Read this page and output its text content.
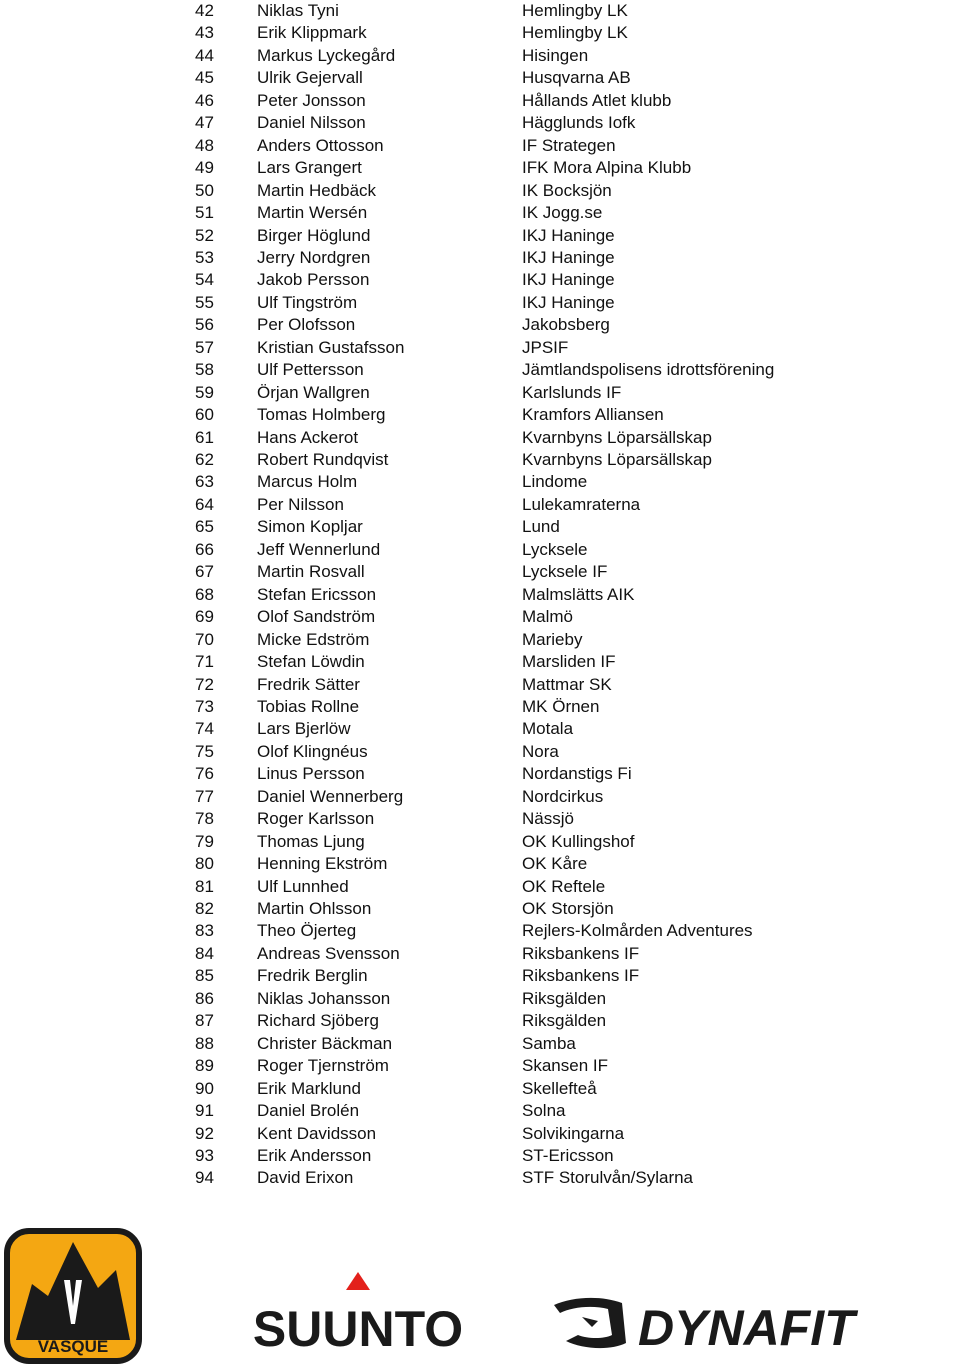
42	Niklas Tyni	Hemlingby LK
43	Erik Klippmark	Hemlingby LK
44	Markus Lyckegård	Hisingen
45	Ulrik Gejervall	Husqvarna AB
46	Peter Jonsson	Hållands Atlet klubb
47	Daniel Nilsson	Hägglunds Iofk
48	Anders Ottosson	IF Strategen
49	Lars Grangert	IFK Mora Alpina Klubb
50	Martin Hedbäck	IK Bocksjön
51	Martin Wersén	IK Jogg.se
52	Birger Höglund	IKJ Haninge
53	Jerry Nordgren	IKJ Haninge
54	Jakob Persson	IKJ Haninge
55	Ulf Tingström	IKJ Haninge
56	Per Olofsson	Jakobsberg
57	Kristian Gustafsson	JPSIF
58	Ulf Pettersson	Jämtlandspolisens idrottsförening
59	Örjan Wallgren	Karlslunds IF
60	Tomas Holmberg	Kramfors Alliansen
61	Hans Ackerot	Kvarnbyns Löparsällskap
62	Robert Rundqvist	Kvarnbyns Löparsällskap
63	Marcus Holm	Lindome
64	Per Nilsson	Lulekamraterna
65	Simon Kopljar	Lund
66	Jeff Wennerlund	Lycksele
67	Martin Rosvall	Lycksele IF
68	Stefan Ericsson	Malmslätts AIK
69	Olof Sandström	Malmö
70	Micke Edström	Marieby
71	Stefan Löwdin	Marsliden IF
72	Fredrik Sätter	Mattmar SK
73	Tobias Rollne	MK Örnen
74	Lars Bjerlöw	Motala
75	Olof Klingnéus	Nora
76	Linus Persson	Nordanstigs Fi
77	Daniel Wennerberg	Nordcirkus
78	Roger Karlsson	Nässjö
79	Thomas Ljung	OK Kullingshof
80	Henning Ekström	OK Kåre
81	Ulf Lunnhed	OK Reftele
82	Martin Ohlsson	OK Storsjön
83	Theo Öjerteg	Rejlers-Kolmården Adventures
84	Andreas Svensson	Riksbankens IF
85	Fredrik Berglin	Riksbankens IF
86	Niklas Johansson	Riksgälden
87	Richard Sjöberg	Riksgälden
88	Christer Bäckman	Samba
89	Roger Tjernström	Skansen IF
90	Erik Marklund	Skellefteå
91	Daniel Brolén	Solna
92	Kent Davidsson	Solvikingarna
93	Erik Andersson	ST-Ericsson
94	David Erixon	STF Storulvån/Sylarna
VASQUE	SUUNTO	DYNAFIT
